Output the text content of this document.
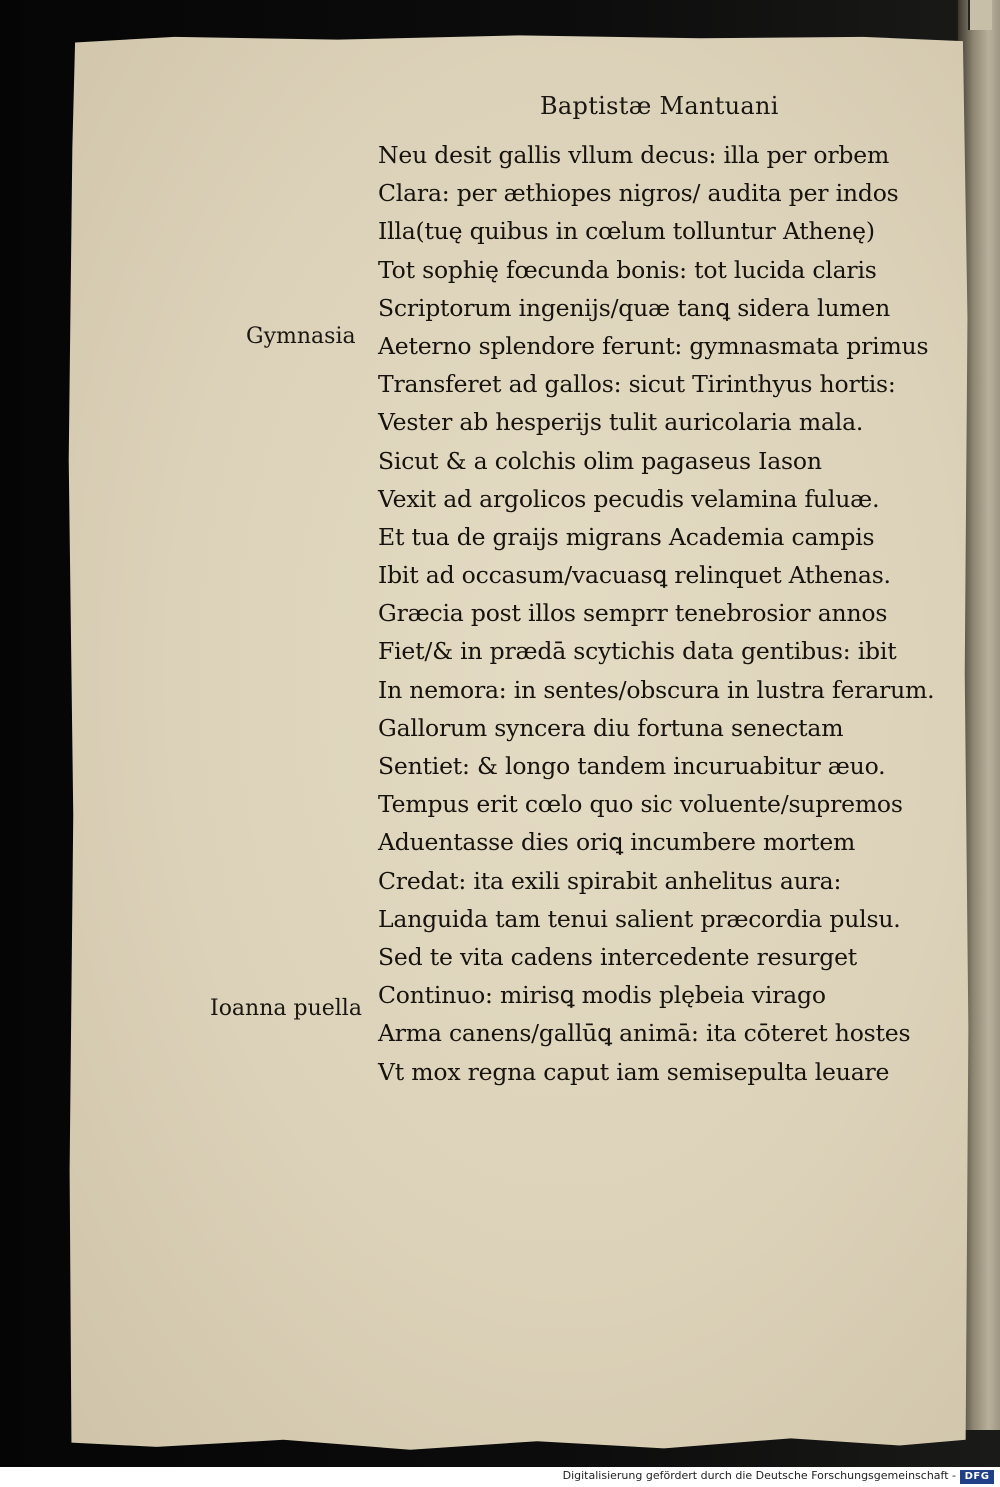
Baptistæ Mantuani
Neu desit gallis vllum decus: illa per orbem
Clara: per æthiopes nigros/ audita per indos
Illa(tuę quibus in cœlum tolluntur Athenę)
Tot sophię fœcunda bonis: tot lucida claris
Scriptorum ingenijs/quæ tanꝗ sidera lumen
Aeterno splendore ferunt: gymnasmata primus
Transferet ad gallos: sicut Tirinthyus hortis:
Vester ab hesperijs tulit auricolaria mala.
Sicut & a colchis olim pagaseus Iason
Vexit ad argolicos pecudis velamina fuluæ.
Et tua de graijs migrans Academia campis
Ibit ad occasum/vacuasꝗ relinquet Athenas.
Græcia post illos semprr tenebrosior annos
Fiet/& in prædā scytichis data gentibus: ibit
In nemora: in sentes/obscura in lustra ferarum.
Gallorum syncera diu fortuna senectam
Sentiet: & longo tandem incuruabitur æuo.
Tempus erit cœlo quo sic voluente/supremos
Aduentasse dies oriꝗ incumbere mortem
Credat: ita exili spirabit anhelitus aura:
Languida tam tenui salient præcordia pulsu.
Sed te vita cadens intercedente resurget
Continuo: mirisꝗ modis plębeia virago
Arma canens/gallūꝗ animā: ita cōteret hostes
Vt mox regna caput iam semisepulta leuare
Gymnasia
Ioanna puella
Digitalisierung gefördert durch die Deutsche Forschungsgemeinschaft - DFG
